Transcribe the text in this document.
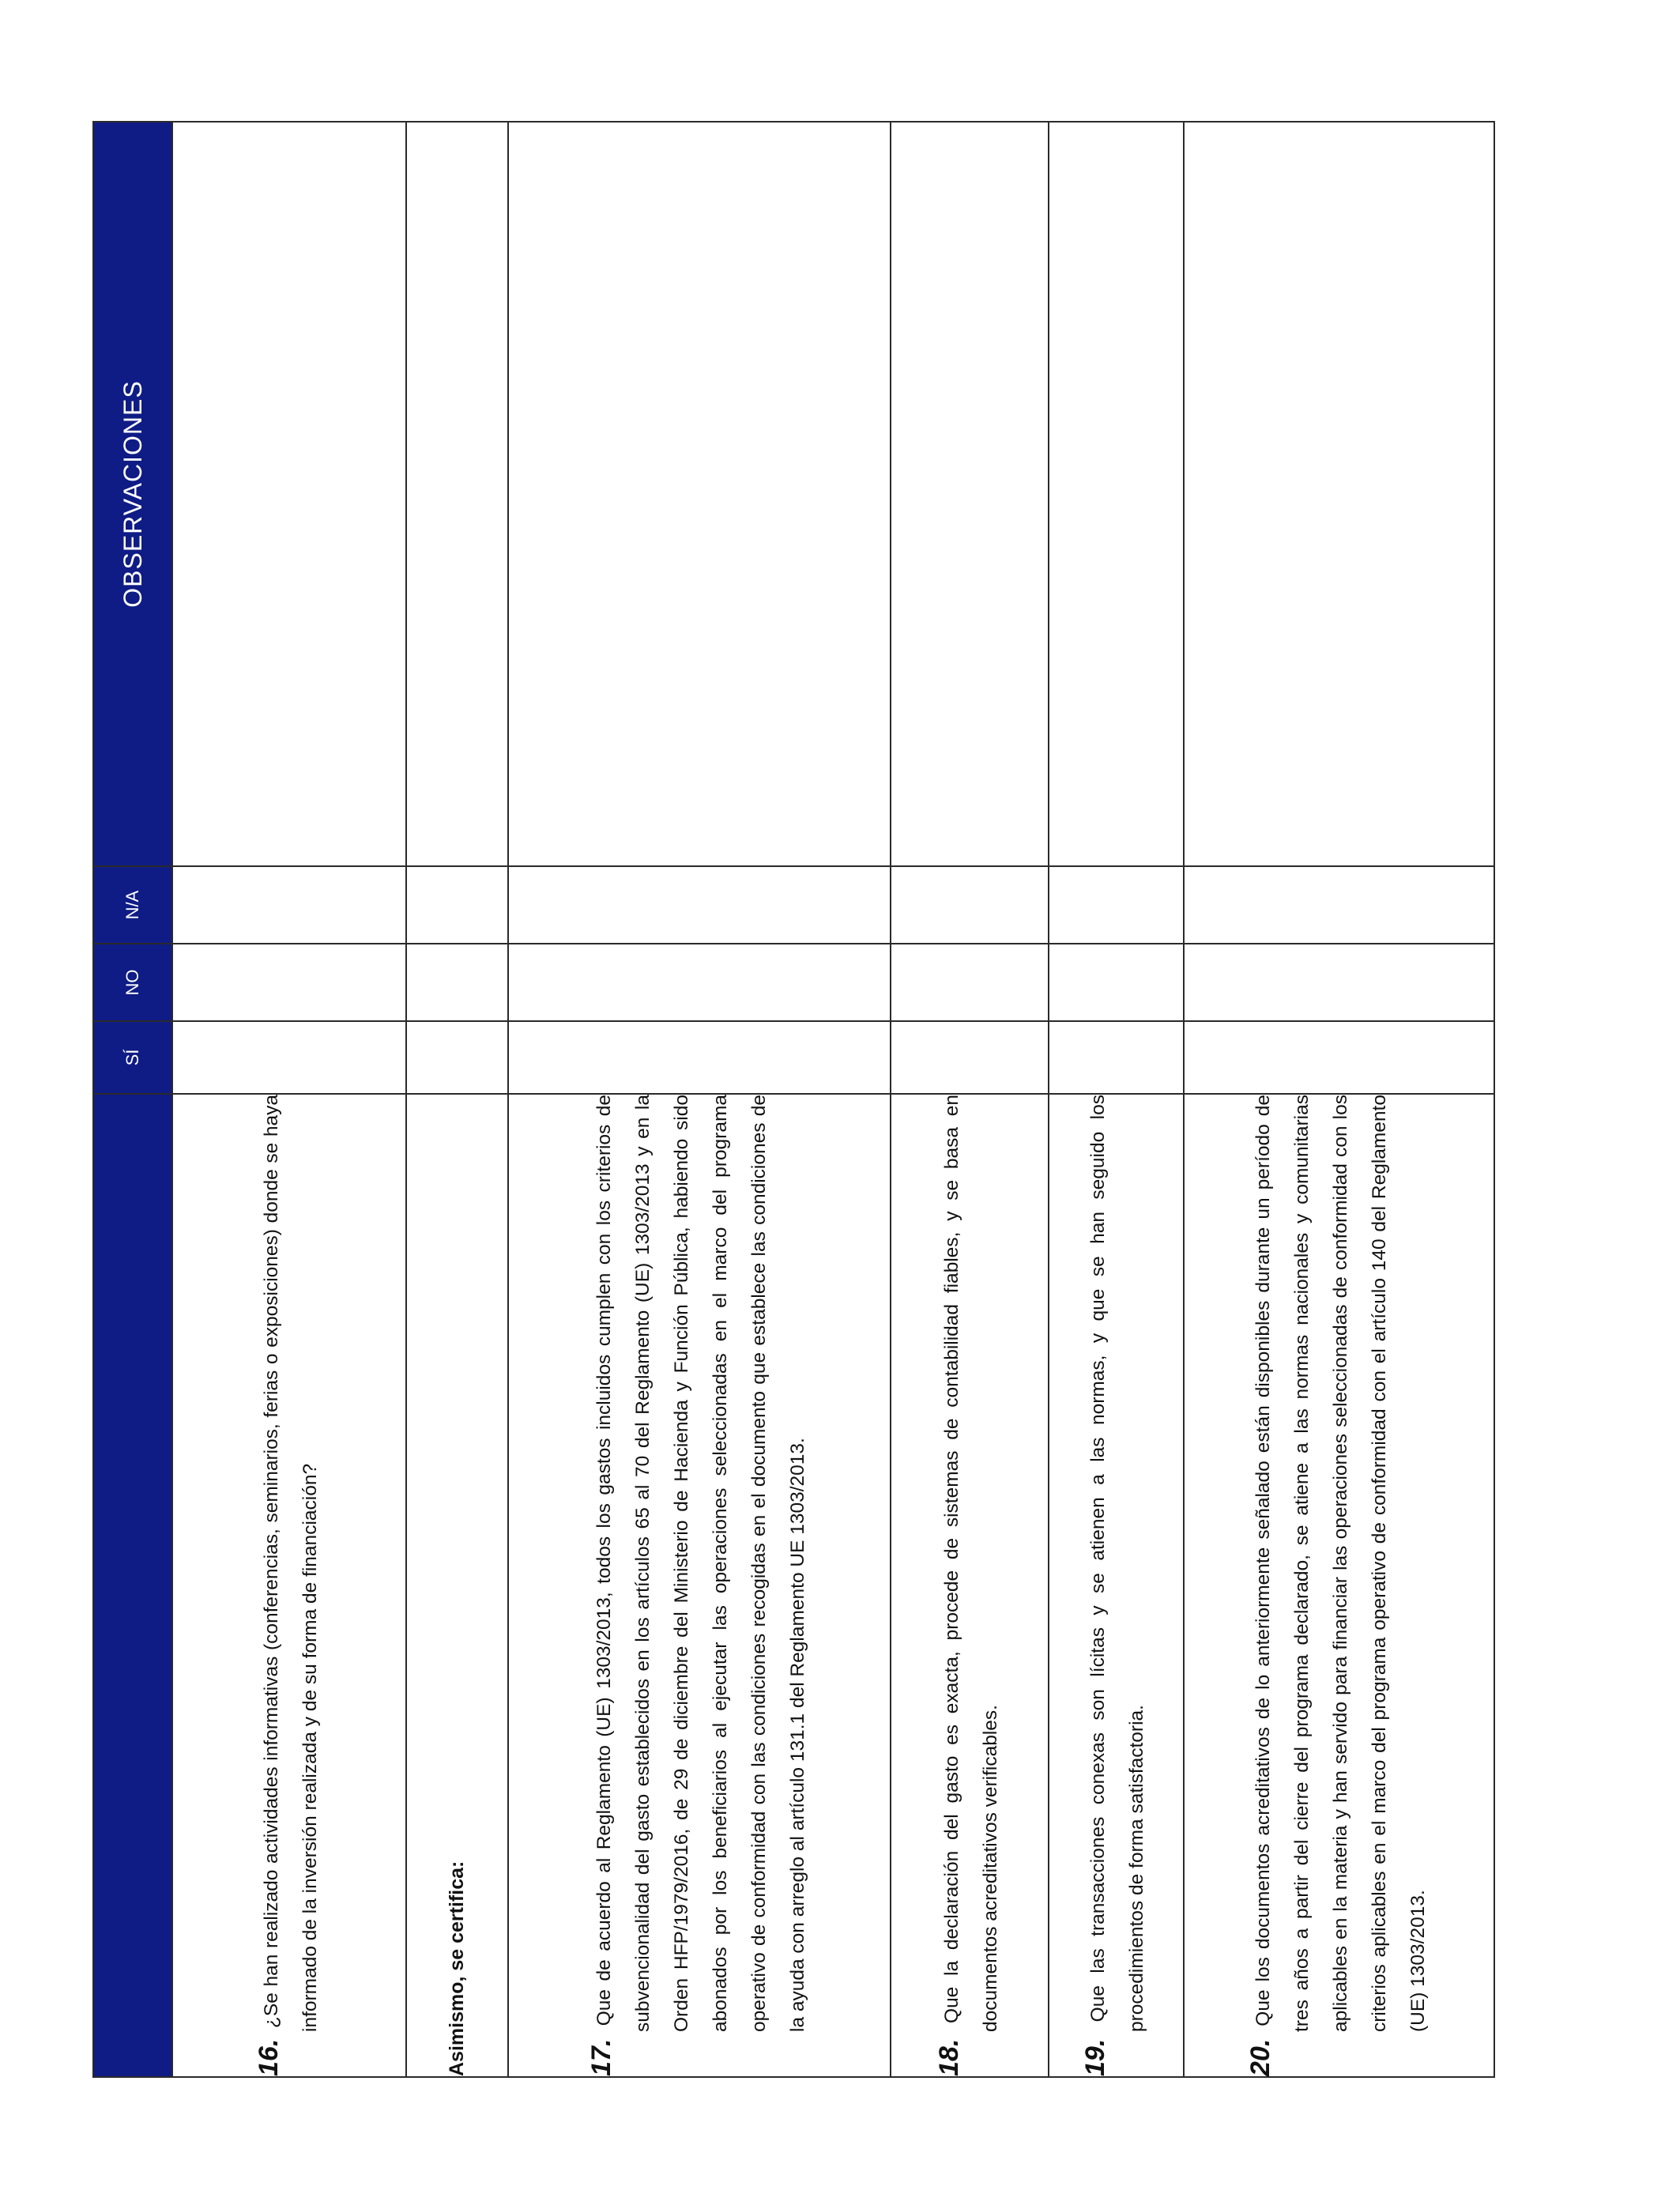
	SÍ	NO	N/A	OBSERVACIONES

16. ¿Se han realizado actividades informativas (conferencias, seminarios, ferias o exposiciones) donde se haya informado de la inversión realizada y de su forma de financiación?				

Asimismo, se certifica:				

17. Que de acuerdo al Reglamento (UE) 1303/2013, todos los gastos incluidos cumplen con los criterios de subvencionalidad del gasto establecidos en los artículos 65 al 70 del Reglamento (UE) 1303/2013 y en la Orden HFP/1979/2016, de 29 de diciembre del Ministerio de Hacienda y Función Pública, habiendo sido abonados por los beneficiarios al ejecutar las operaciones seleccionadas en el marco del programa operativo de conformidad con las condiciones recogidas en el documento que establece las condiciones de la ayuda con arreglo al artículo 131.1 del Reglamento UE 1303/2013.				

18. Que la declaración del gasto es exacta, procede de sistemas de contabilidad fiables, y se basa en documentos acreditativos verificables.				

19. Que las transacciones conexas son lícitas y se atienen a las normas, y que se han seguido los procedimientos de forma satisfactoria.				

20. Que los documentos acreditativos de lo anteriormente señalado están disponibles durante un período de tres años a partir del cierre del programa declarado, se atiene a las normas nacionales y comunitarias aplicables en la materia y han servido para financiar las operaciones seleccionadas de conformidad con los criterios aplicables en el marco del programa operativo de conformidad con el artículo 140 del Reglamento (UE) 1303/2013.				
